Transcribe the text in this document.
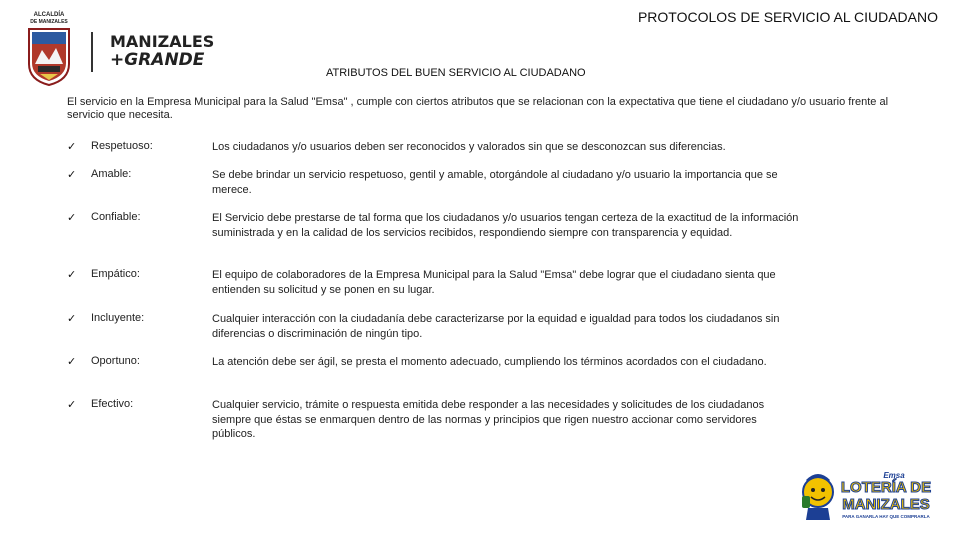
PROTOCOLOS DE SERVICIO AL CIUDADANO
ALCALDÍA
DE MANIZALES
MANIZALES
+GRANDE
ATRIBUTOS DEL BUEN SERVICIO AL CIUDADANO
El servicio en la Empresa Municipal para la Salud "Emsa" , cumple con ciertos atributos que se relacionan con la expectativa que tiene el ciudadano y/o usuario frente al servicio que necesita.
✓ Respetuoso:	Los ciudadanos y/o usuarios deben ser reconocidos y valorados sin que se desconozcan sus diferencias.
✓ Amable:	Se debe brindar un servicio respetuoso, gentil y amable, otorgándole al ciudadano y/o usuario la importancia que se merece.
✓ Confiable:	El Servicio debe prestarse de tal forma que los ciudadanos y/o usuarios tengan certeza de la exactitud de la información suministrada y en la calidad de los servicios recibidos, respondiendo siempre con transparencia y equidad.
✓ Empático:	El equipo de colaboradores de la Empresa Municipal para la Salud "Emsa" debe lograr que el ciudadano sienta que entienden su solicitud y se ponen en su lugar.
✓ Incluyente:	Cualquier interacción con la ciudadanía debe caracterizarse por la equidad e igualdad para todos los ciudadanos sin diferencias o discriminación de ningún tipo.
✓ Oportuno:	La atención debe ser ágil, se presta el momento adecuado, cumpliendo los términos acordados con el ciudadano.
✓ Efectivo:	Cualquier servicio, trámite o respuesta emitida debe responder a las necesidades y solicitudes de los ciudadanos siempre que éstas se enmarquen dentro de las normas y principios que rigen nuestro accionar como servidores públicos.
Emsa
LOTERÍA DE
MANIZALES
PARA GANARLA HAY QUE COMPRARLA
